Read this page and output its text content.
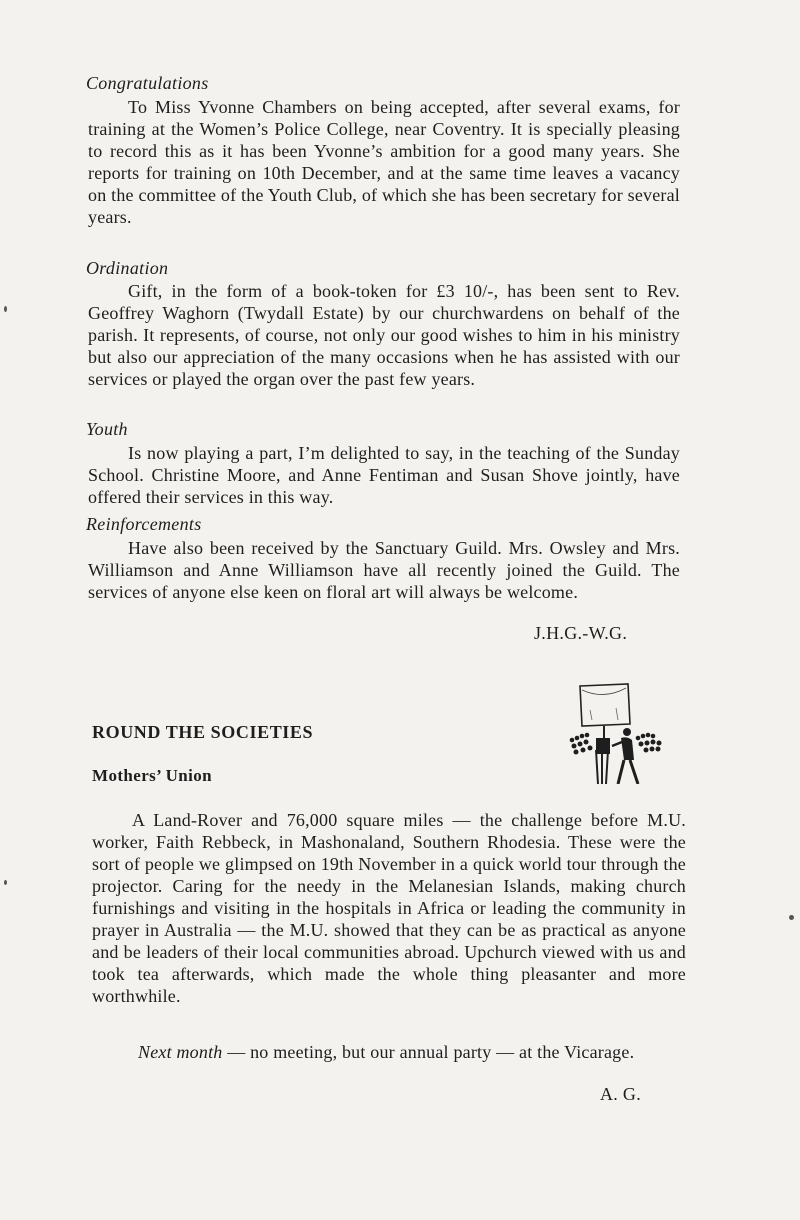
Congratulations

To Miss Yvonne Chambers on being accepted, after several exams, for training at the Women’s Police College, near Coventry. It is specially pleasing to record this as it has been Yvonne’s ambition for a good many years. She reports for training on 10th December, and at the same time leaves a vacancy on the committee of the Youth Club, of which she has been secretary for several years.

Ordination

Gift, in the form of a book-token for £3 10/-, has been sent to Rev. Geoffrey Waghorn (Twydall Estate) by our churchwardens on behalf of the parish. It represents, of course, not only our good wishes to him in his ministry but also our appreciation of the many occasions when he has assisted with our services or played the organ over the past few years.

Youth

Is now playing a part, I’m delighted to say, in the teaching of the Sunday School. Christine Moore, and Anne Fentiman and Susan Shove jointly, have offered their services in this way.

Reinforcements

Have also been received by the Sanctuary Guild. Mrs. Owsley and Mrs. Williamson and Anne Williamson have all recently joined the Guild. The services of anyone else keen on floral art will always be welcome.

J.H.G.-W.G.
ROUND THE SOCIETIES
Mothers’ Union

A Land-Rover and 76,000 square miles — the challenge before M.U. worker, Faith Rebbeck, in Mashonaland, Southern Rhodesia. These were the sort of people we glimpsed on 19th November in a quick world tour through the projector. Caring for the needy in the Melanesian Islands, making church furnishings and visiting in the hospitals in Africa or leading the community in prayer in Australia — the M.U. showed that they can be as practical as anyone and be leaders of their local communities abroad. Upchurch viewed with us and took tea afterwards, which made the whole thing pleasanter and more worthwhile.

Next month — no meeting, but our annual party — at the Vicarage.

A. G.
